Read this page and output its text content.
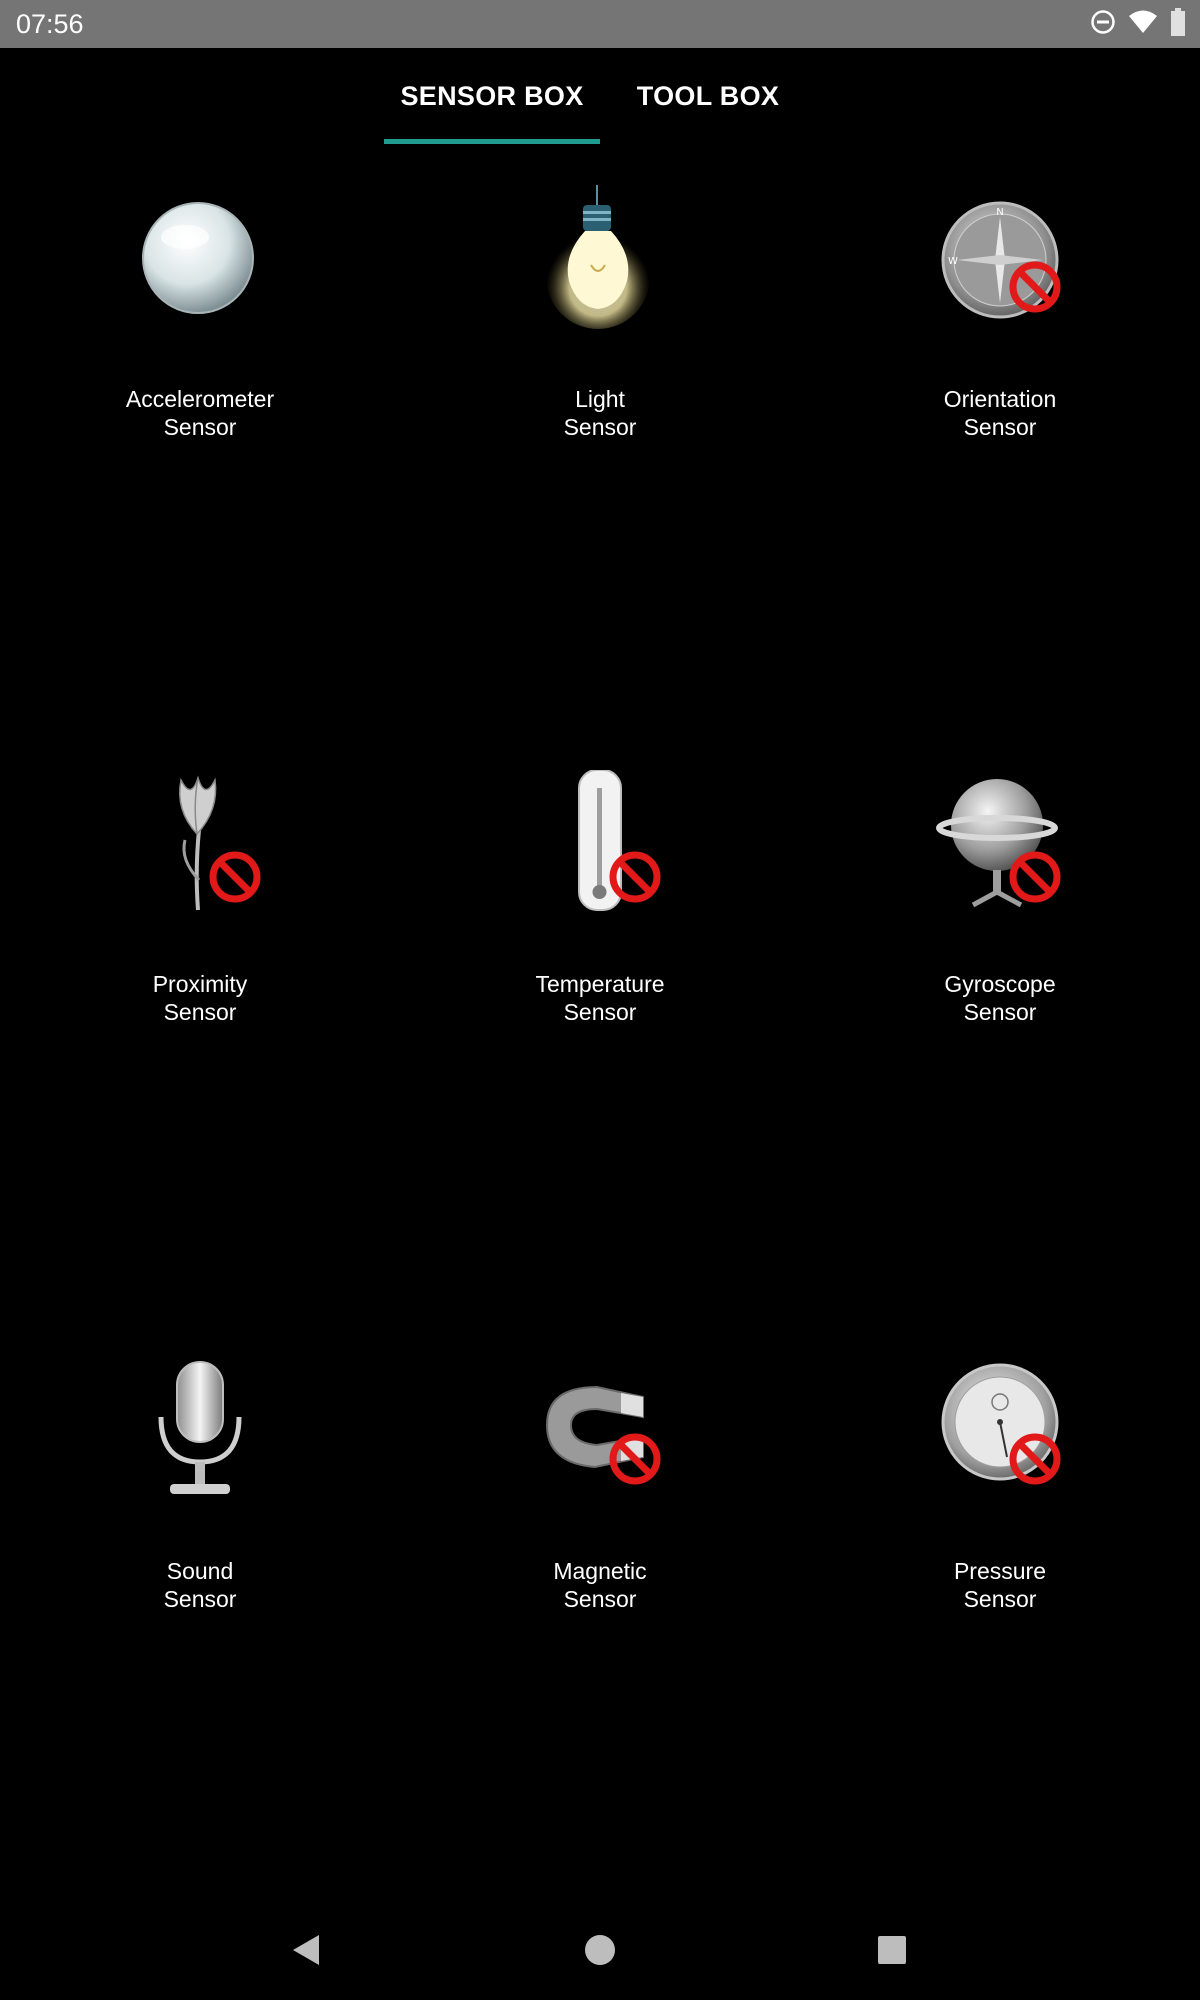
07:56
SENSOR BOX	TOOL BOX
Accelerometer
Sensor
Light
Sensor
N
W
Orientation
Sensor
Proximity
Sensor
Temperature
Sensor
Gyroscope
Sensor
Sound
Sensor
Magnetic
Sensor
Pressure
Sensor
